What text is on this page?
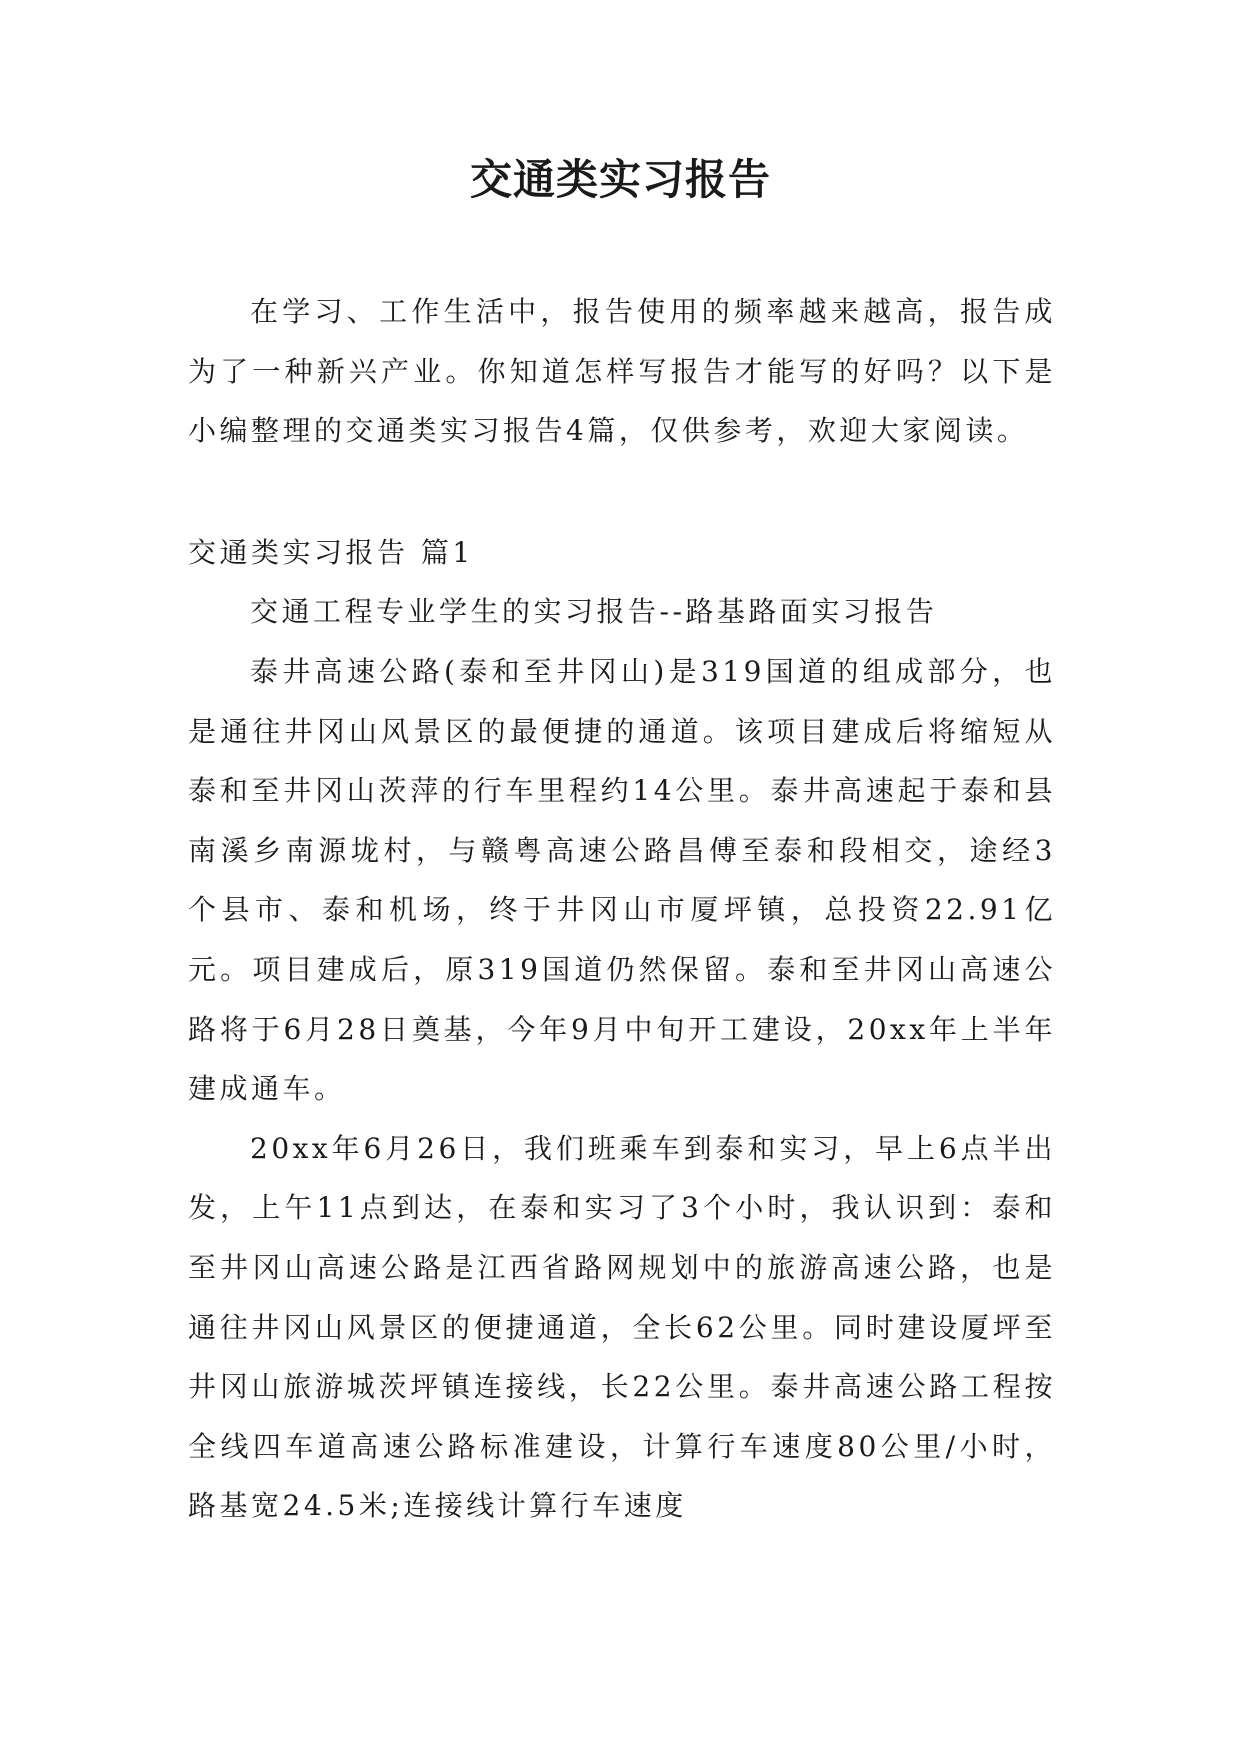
交通类实习报告

在学习、工作生活中，报告使用的频率越来越高，报告成为了一种新兴产业。你知道怎样写报告才能写的好吗？以下是小编整理的交通类实习报告4篇，仅供参考，欢迎大家阅读。

交通类实习报告 篇1

交通工程专业学生的实习报告--路基路面实习报告

泰井高速公路(泰和至井冈山)是319国道的组成部分，也是通往井冈山风景区的最便捷的通道。该项目建成后将缩短从泰和至井冈山茨萍的行车里程约14公里。泰井高速起于泰和县南溪乡南源垅村，与赣粤高速公路昌傅至泰和段相交，途经3个县市、泰和机场，终于井冈山市厦坪镇，总投资22.91亿元。项目建成后，原319国道仍然保留。泰和至井冈山高速公路将于6月28日奠基，今年9月中旬开工建设，20xx年上半年建成通车。

20xx年6月26日，我们班乘车到泰和实习，早上6点半出发，上午11点到达，在泰和实习了3个小时，我认识到：泰和至井冈山高速公路是江西省路网规划中的旅游高速公路，也是通往井冈山风景区的便捷通道，全长62公里。同时建设厦坪至井冈山旅游城茨坪镇连接线，长22公里。泰井高速公路工程按全线四车道高速公路标准建设，计算行车速度80公里/小时，路基宽24.5米;连接线计算行车速度
